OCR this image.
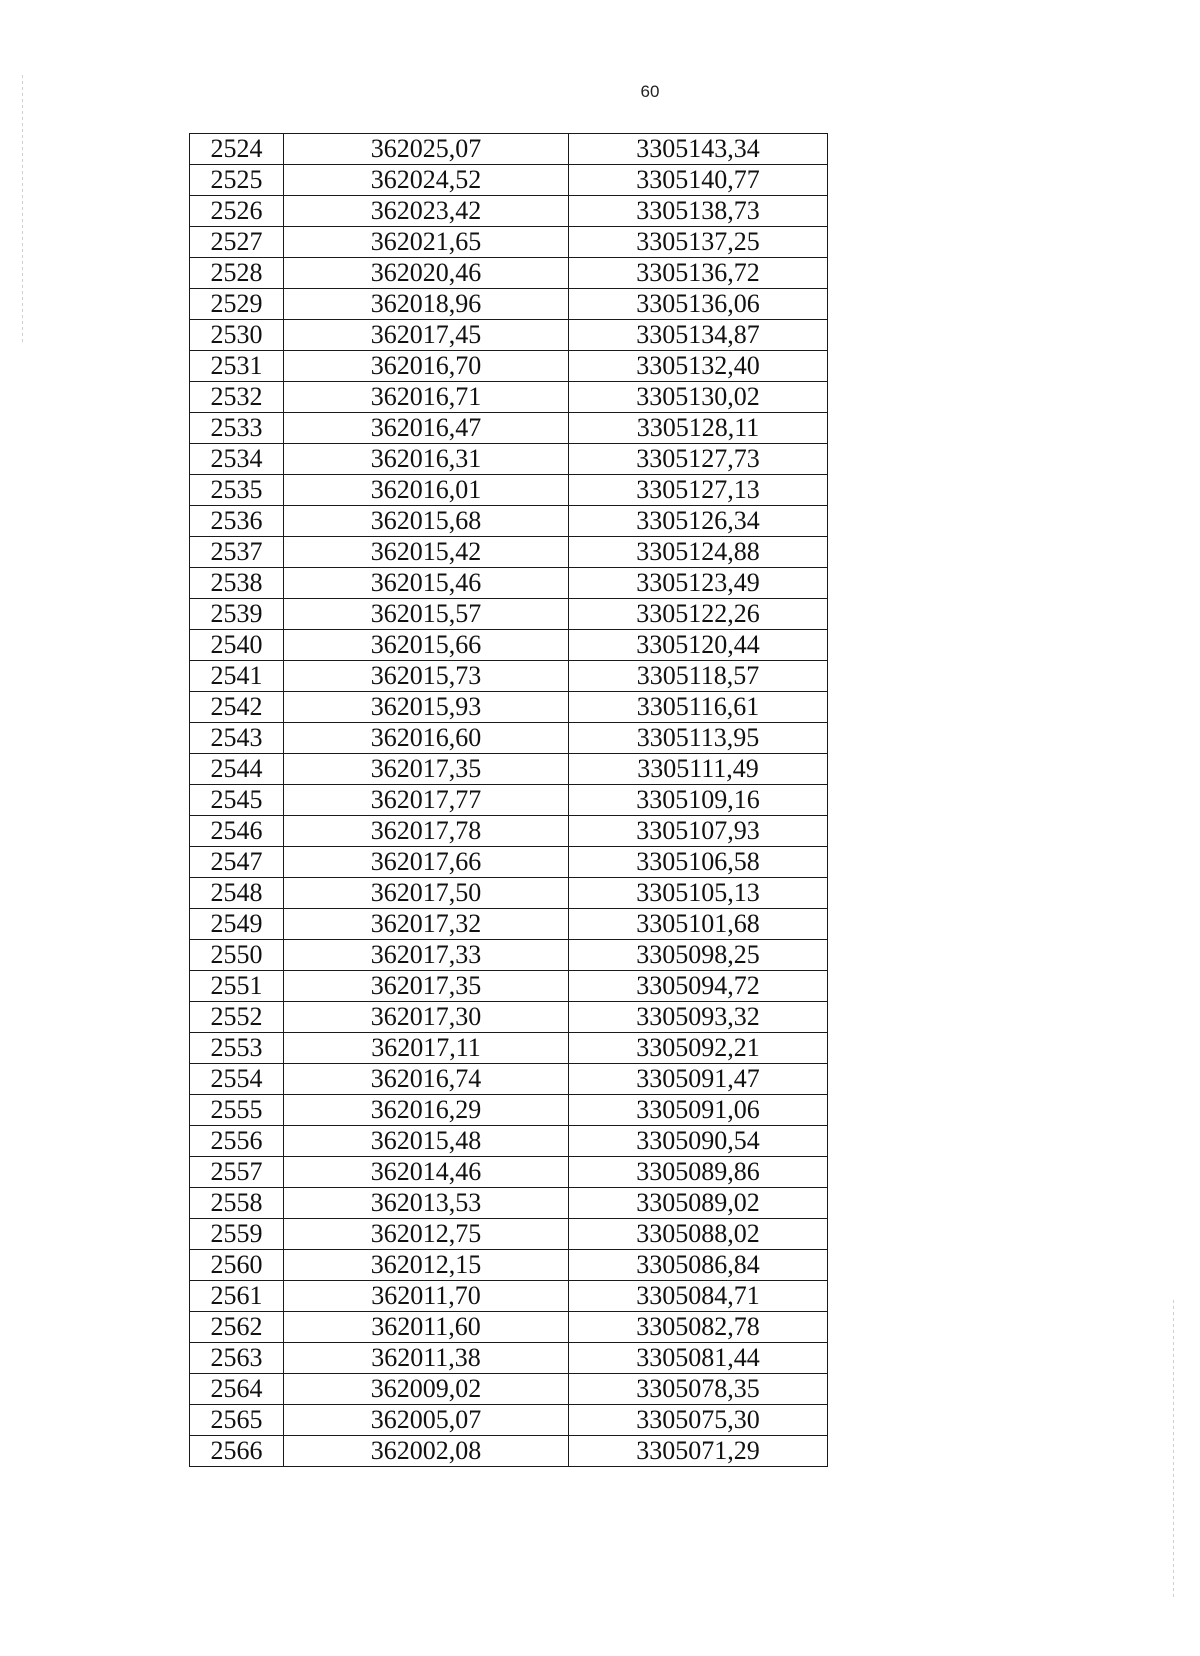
60
2524	362025,07	3305143,34
2525	362024,52	3305140,77
2526	362023,42	3305138,73
2527	362021,65	3305137,25
2528	362020,46	3305136,72
2529	362018,96	3305136,06
2530	362017,45	3305134,87
2531	362016,70	3305132,40
2532	362016,71	3305130,02
2533	362016,47	3305128,11
2534	362016,31	3305127,73
2535	362016,01	3305127,13
2536	362015,68	3305126,34
2537	362015,42	3305124,88
2538	362015,46	3305123,49
2539	362015,57	3305122,26
2540	362015,66	3305120,44
2541	362015,73	3305118,57
2542	362015,93	3305116,61
2543	362016,60	3305113,95
2544	362017,35	3305111,49
2545	362017,77	3305109,16
2546	362017,78	3305107,93
2547	362017,66	3305106,58
2548	362017,50	3305105,13
2549	362017,32	3305101,68
2550	362017,33	3305098,25
2551	362017,35	3305094,72
2552	362017,30	3305093,32
2553	362017,11	3305092,21
2554	362016,74	3305091,47
2555	362016,29	3305091,06
2556	362015,48	3305090,54
2557	362014,46	3305089,86
2558	362013,53	3305089,02
2559	362012,75	3305088,02
2560	362012,15	3305086,84
2561	362011,70	3305084,71
2562	362011,60	3305082,78
2563	362011,38	3305081,44
2564	362009,02	3305078,35
2565	362005,07	3305075,30
2566	362002,08	3305071,29
